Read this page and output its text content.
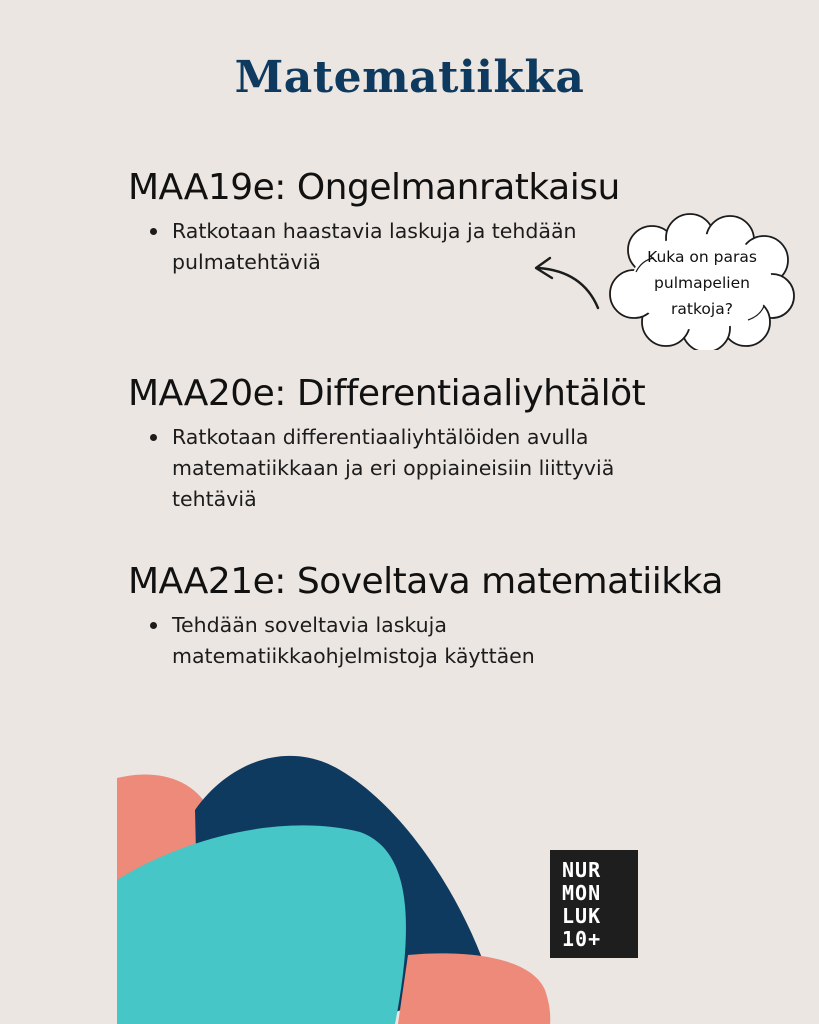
Matematiikka
MAA19e: Ongelmanratkaisu
Ratkotaan haastavia laskuja ja tehdään pulmatehtäviä	Kuka on paras pulmapelien ratkoja?
MAA20e: Differentiaaliyhtälöt
Ratkotaan differentiaaliyhtälöiden avulla matematiikkaan ja eri oppiaineisiin liittyviä tehtäviä
MAA21e: Soveltava matematiikka
Tehdään soveltavia laskuja matematiikkaohjelmistoja käyttäen
NUR
MON
LUK
10+
